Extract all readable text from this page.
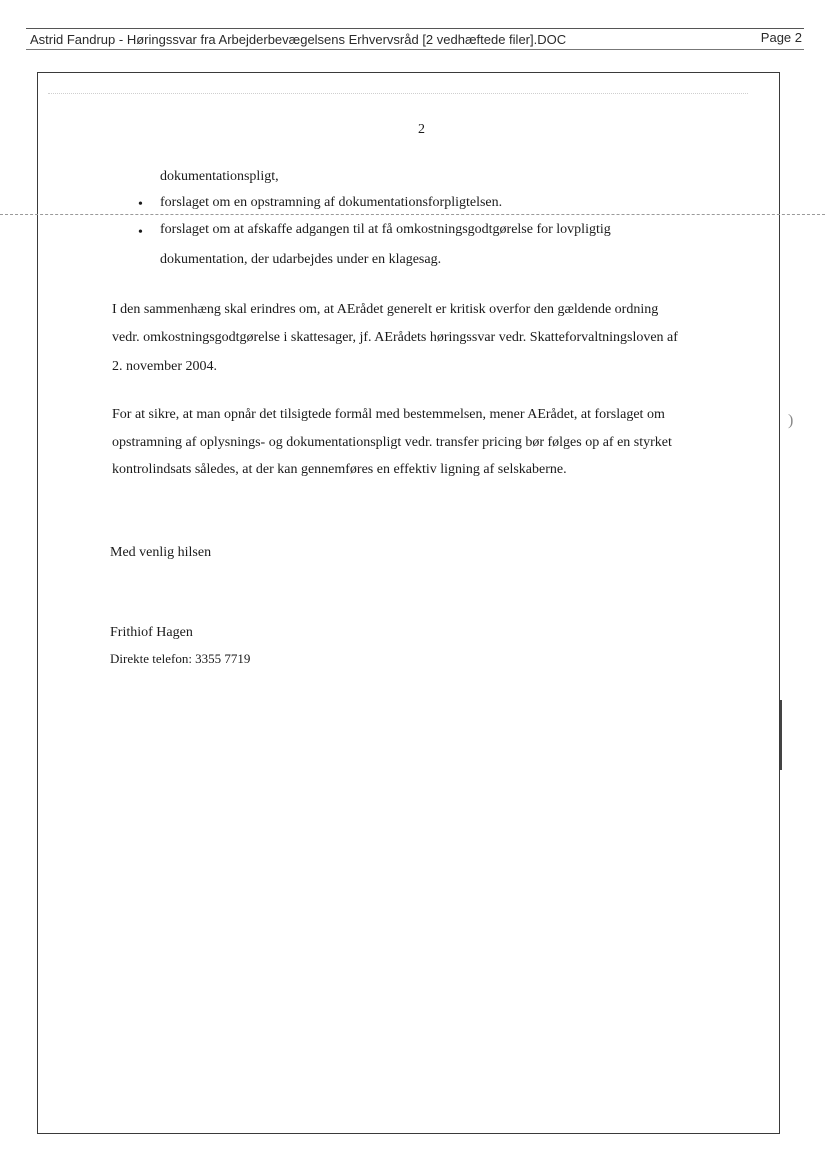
Astrid Fandrup - Høringssvar fra Arbejderbevægelsens Erhvervsråd [2 vedhæftede filer].DOC	Page 2
2
dokumentationspligt,
• forslaget om en opstramning af dokumentationsforpligtelsen.
• forslaget om at afskaffe adgangen til at få omkostningsgodtgørelse for lovpligtig
dokumentation, der udarbejdes under en klagesag.
I den sammenhæng skal erindres om, at AErådet generelt er kritisk overfor den gældende ordning
vedr. omkostningsgodtgørelse i skattesager, jf. AErådets høringssvar vedr. Skatteforvaltningsloven af
2. november 2004.
For at sikre, at man opnår det tilsigtede formål med bestemmelsen, mener AErådet, at forslaget om
opstramning af oplysnings- og dokumentationspligt vedr. transfer pricing bør følges op af en styrket
kontrolindsats således, at der kan gennemføres en effektiv ligning af selskaberne.
Med venlig hilsen
Frithiof Hagen
Direkte telefon: 3355 7719
)
